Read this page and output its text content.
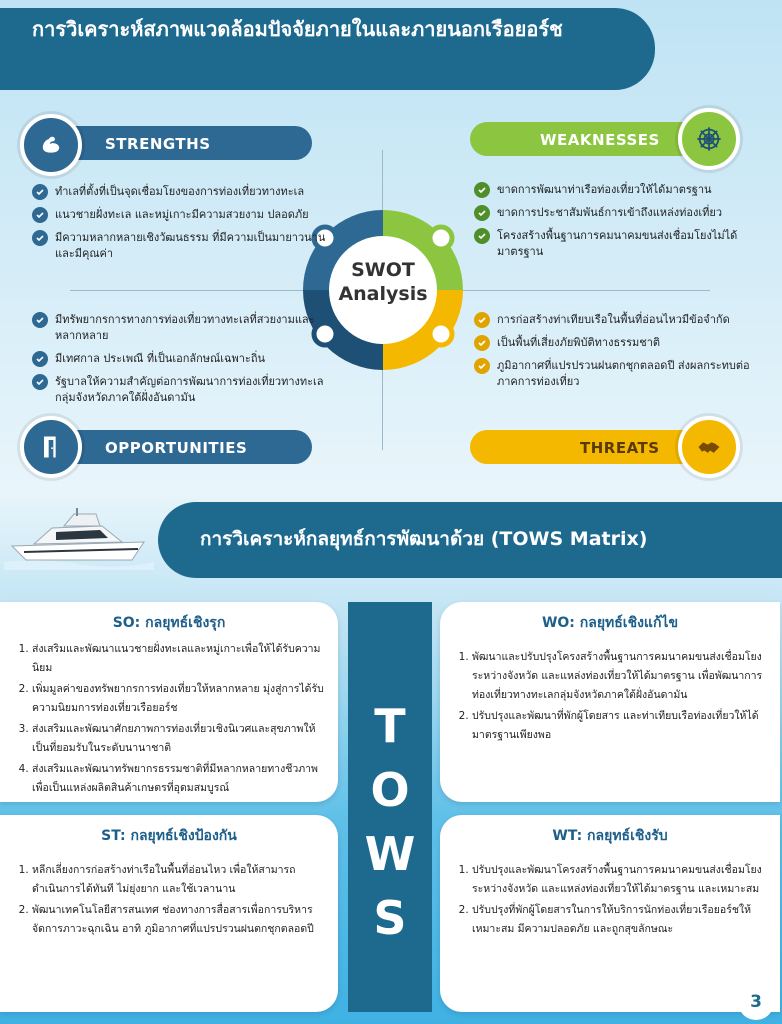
การวิเคราะห์สภาพแวดล้อมปัจจัยภายในและภายนอกเรือยอร์ช
SWOT
Analysis
STRENGTHS
ทำเลที่ตั้งที่เป็นจุดเชื่อมโยงของการท่องเที่ยวทางทะเล
แนวชายฝั่งทะเล และหมู่เกาะมีความสวยงาม ปลอดภัย
มีความหลากหลายเชิงวัฒนธรรม ที่มีความเป็นมายาวนาน และมีคุณค่า
WEAKNESSES
ขาดการพัฒนาท่าเรือท่องเที่ยวให้ได้มาตรฐาน
ขาดการประชาสัมพันธ์การเข้าถึงแหล่งท่องเที่ยว
โครงสร้างพื้นฐานการคมนาคมขนส่งเชื่อมโยงไม่ได้มาตรฐาน
มีทรัพยากรการทางการท่องเที่ยวทางทะเลที่สวยงามและหลากหลาย
มีเทศกาล ประเพณี ที่เป็นเอกลักษณ์เฉพาะถิ่น
รัฐบาลให้ความสำคัญต่อการพัฒนาการท่องเที่ยวทางทะเลกลุ่มจังหวัดภาคใต้ฝั่งอันดามัน
OPPORTUNITIES
การก่อสร้างท่าเทียบเรือในพื้นที่อ่อนไหวมีข้อจำกัด
เป็นพื้นที่เสี่ยงภัยพิบัติทางธรรมชาติ
ภูมิอากาศที่แปรปรวนฝนตกชุกตลอดปี ส่งผลกระทบต่อภาคการท่องเที่ยว
THREATS
การวิเคราะห์กลยุทธ์การพัฒนาด้วย (TOWS Matrix)
T
O
W
S
SO: กลยุทธ์เชิงรุก
1. ส่งเสริมและพัฒนาแนวชายฝั่งทะเลและหมู่เกาะเพื่อให้ได้รับความนิยม
2. เพิ่มมูลค่าของทรัพยากรการท่องเที่ยวให้หลากหลาย มุ่งสู่การได้รับความนิยมการท่องเที่ยวเรือยอร์ช
3. ส่งเสริมและพัฒนาศักยภาพการท่องเที่ยวเชิงนิเวศและสุขภาพให้เป็นที่ยอมรับในระดับนานาชาติ
4. ส่งเสริมและพัฒนาทรัพยากรธรรมชาติที่มีหลากหลายทางชีวภาพ เพื่อเป็นแหล่งผลิตสินค้าเกษตรที่อุดมสมบูรณ์
WO: กลยุทธ์เชิงแก้ไข
1. พัฒนาและปรับปรุงโครงสร้างพื้นฐานการคมนาคมขนส่งเชื่อมโยงระหว่างจังหวัด และแหล่งท่องเที่ยวให้ได้มาตรฐาน เพื่อพัฒนาการท่องเที่ยวทางทะเลกลุ่มจังหวัดภาคใต้ฝั่งอันดามัน
2. ปรับปรุงและพัฒนาที่พักผู้โดยสาร และท่าเทียบเรือท่องเที่ยวให้ได้มาตรฐานเพียงพอ
ST: กลยุทธ์เชิงป้องกัน
1. หลีกเลี่ยงการก่อสร้างท่าเรือในพื้นที่อ่อนไหว เพื่อให้สามารถดำเนินการได้ทันที ไม่ยุ่งยาก และใช้เวลานาน
2. พัฒนาเทคโนโลยีสารสนเทศ ช่องทางการสื่อสารเพื่อการบริหารจัดการภาวะฉุกเฉิน อาทิ ภูมิอากาศที่แปรปรวนฝนตกชุกตลอดปี
WT: กลยุทธ์เชิงรับ
1. ปรับปรุงและพัฒนาโครงสร้างพื้นฐานการคมนาคมขนส่งเชื่อมโยงระหว่างจังหวัด และแหล่งท่องเที่ยวให้ได้มาตรฐาน และเหมาะสม
2. ปรับปรุงที่พักผู้โดยสารในการให้บริการนักท่องเที่ยวเรือยอร์ชให้เหมาะสม มีความปลอดภัย และถูกสุขลักษณะ
3
